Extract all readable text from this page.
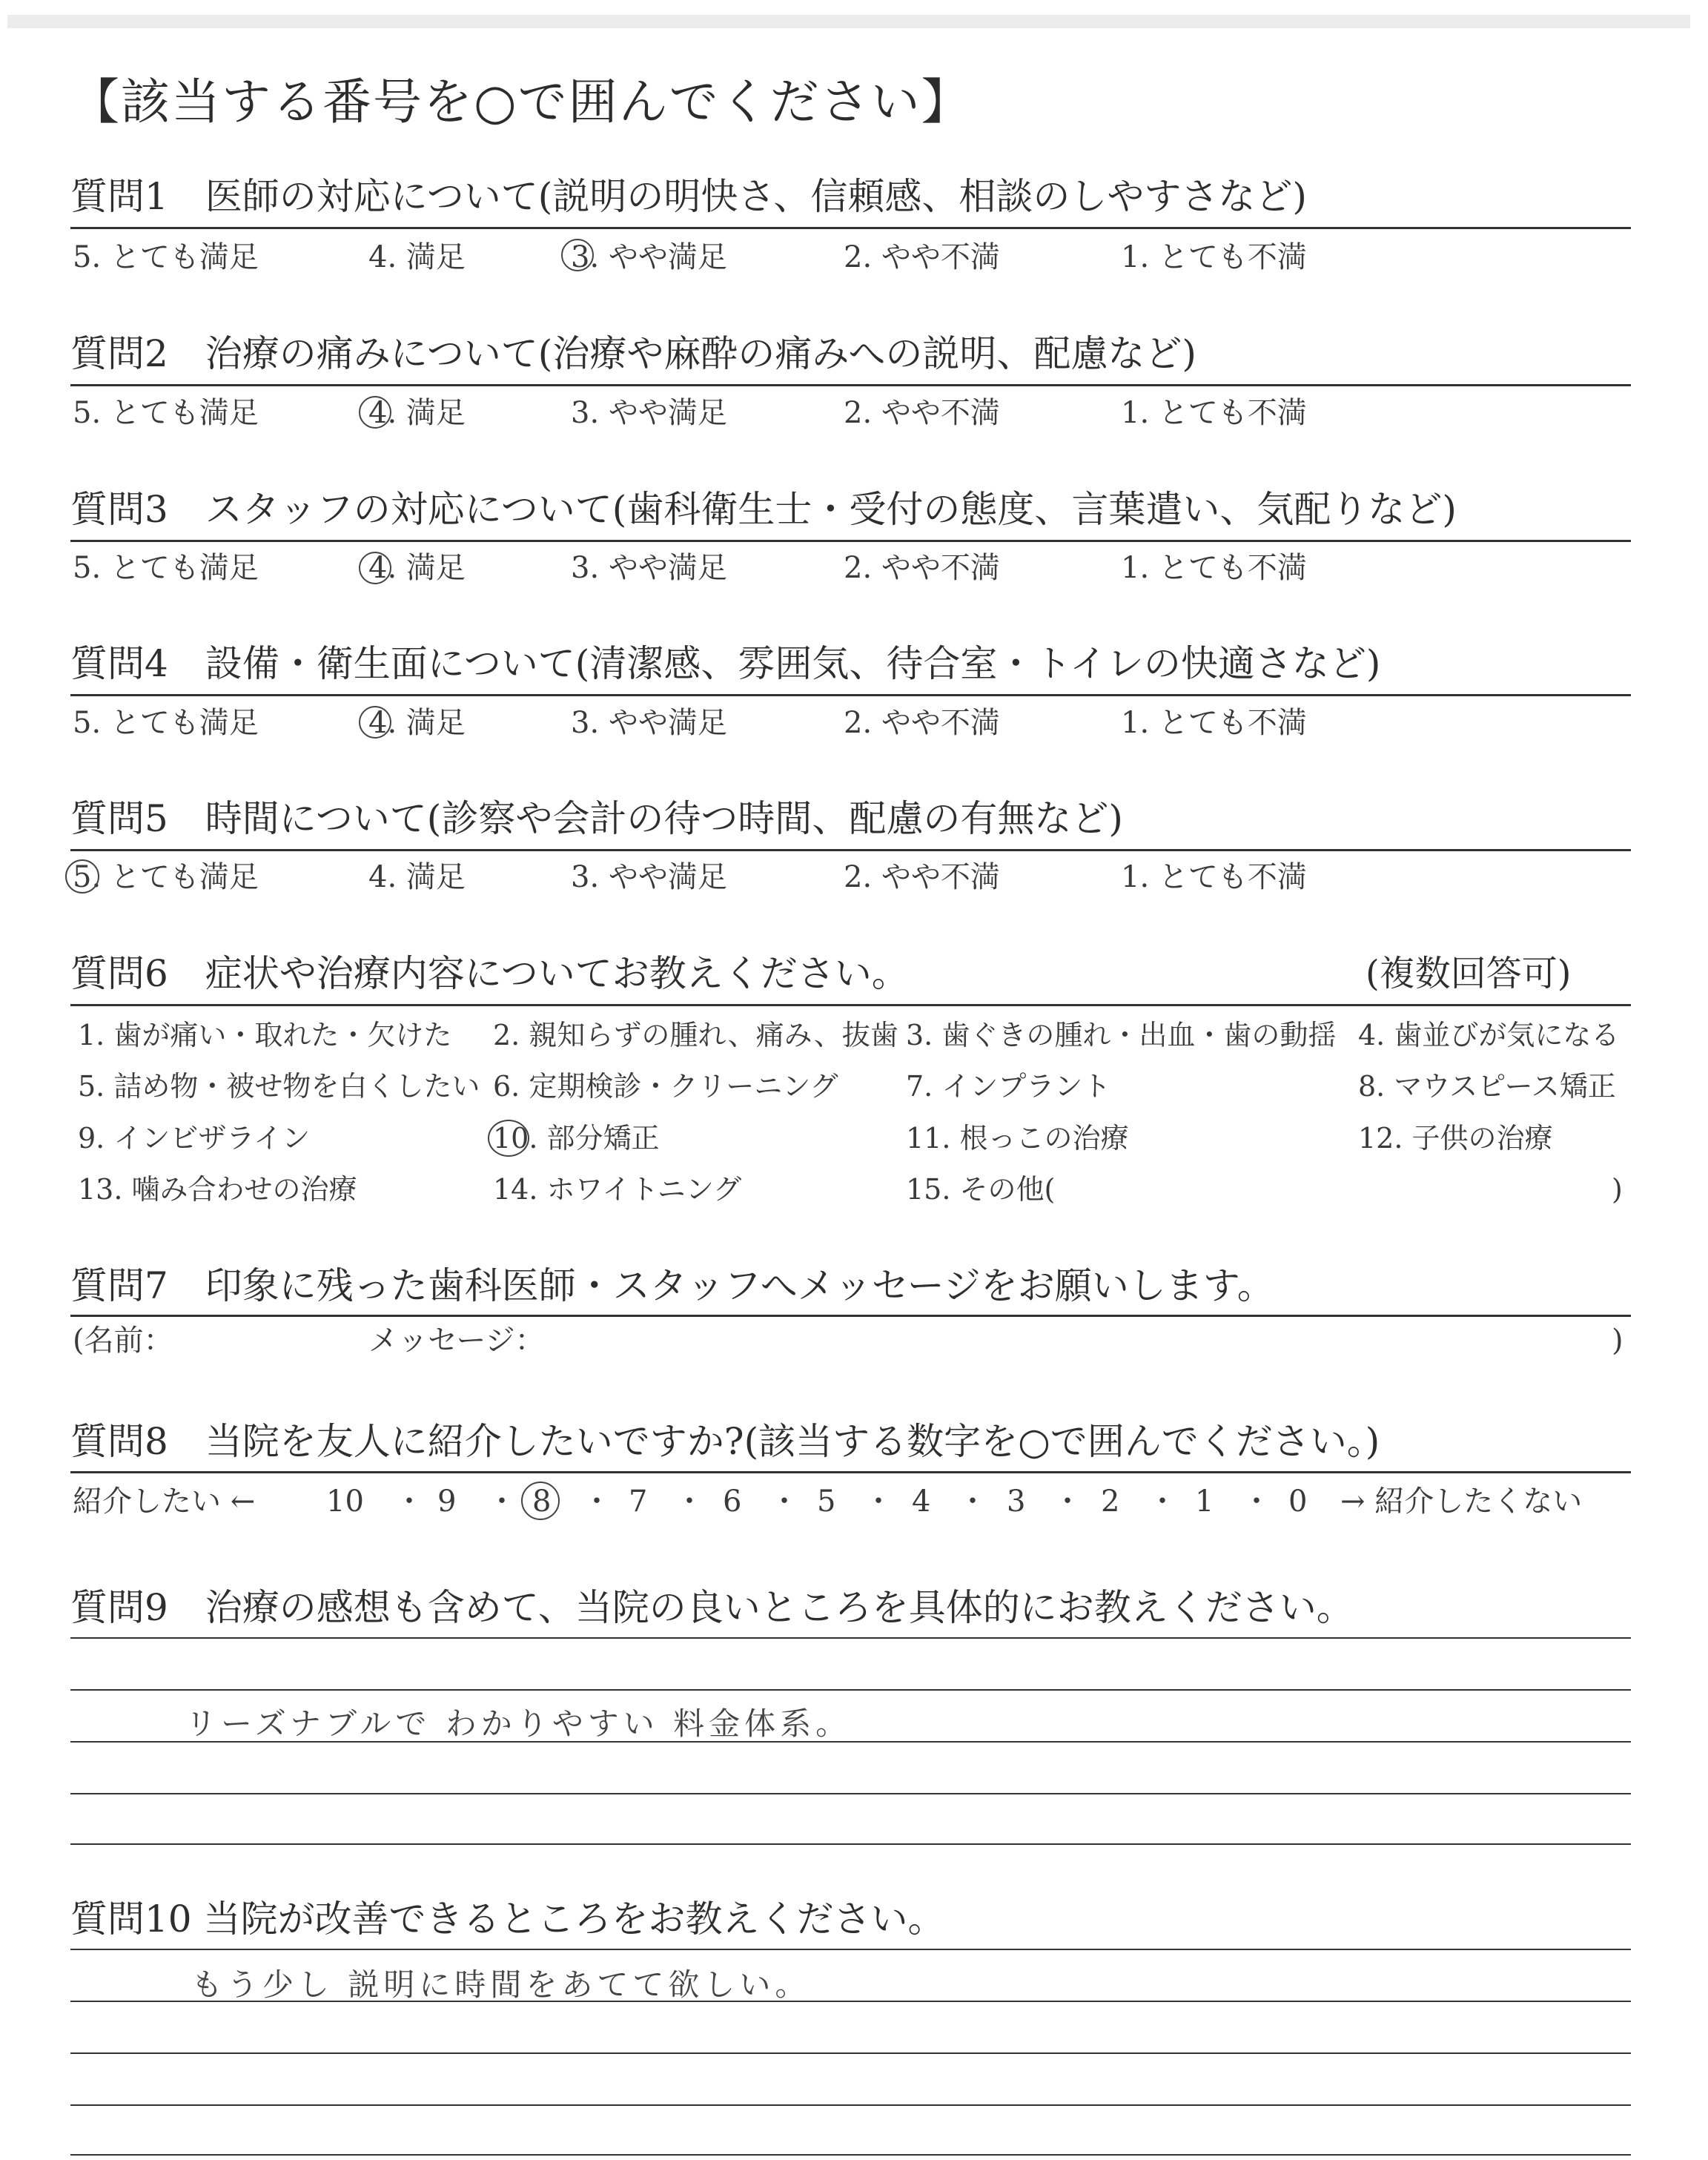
【該当する番号を○で囲んでください】
質問1　医師の対応について(説明の明快さ、信頼感、相談のしやすさなど)
5. とても満足	4. 満足	3. やや満足	2. やや不満	1. とても不満
質問2　治療の痛みについて(治療や麻酔の痛みへの説明、配慮など)
5. とても満足	4. 満足	3. やや満足	2. やや不満	1. とても不満
質問3　スタッフの対応について(歯科衛生士・受付の態度、言葉遣い、気配りなど)
5. とても満足	4. 満足	3. やや満足	2. やや不満	1. とても不満
質問4　設備・衛生面について(清潔感、雰囲気、待合室・トイレの快適さなど)
5. とても満足	4. 満足	3. やや満足	2. やや不満	1. とても不満
質問5　時間について(診察や会計の待つ時間、配慮の有無など)
5. とても満足	4. 満足	3. やや満足	2. やや不満	1. とても不満
質問6　症状や治療内容についてお教えください。	(複数回答可)
1. 歯が痛い・取れた・欠けた 2. 親知らずの腫れ、痛み、抜歯 3. 歯ぐきの腫れ・出血・歯の動揺 4. 歯並びが気になる
5. 詰め物・被せ物を白くしたい 6. 定期検診・クリーニング 7. インプラント	8. マウスピース矯正
9. インビザライン	10. 部分矯正	11. 根っこの治療	12. 子供の治療
13. 噛み合わせの治療	14. ホワイトニング	15. その他(	)
質問7　印象に残った歯科医師・スタッフへメッセージをお願いします。
(名前：	メッセージ：	)
質問8　当院を友人に紹介したいですか?(該当する数字を○で囲んでください。)
紹介したい ← 10 ・ 9 ・ 8 ・ 7 ・ 6 ・ 5 ・ 4 ・ 3 ・ 2 ・ 1 ・ 0 → 紹介したくない
質問9　治療の感想も含めて、当院の良いところを具体的にお教えください。
リーズナブルで わかりやすい 料金体系。
質問10 当院が改善できるところをお教えください。
もう少し 説明に時間をあてて欲しい。
